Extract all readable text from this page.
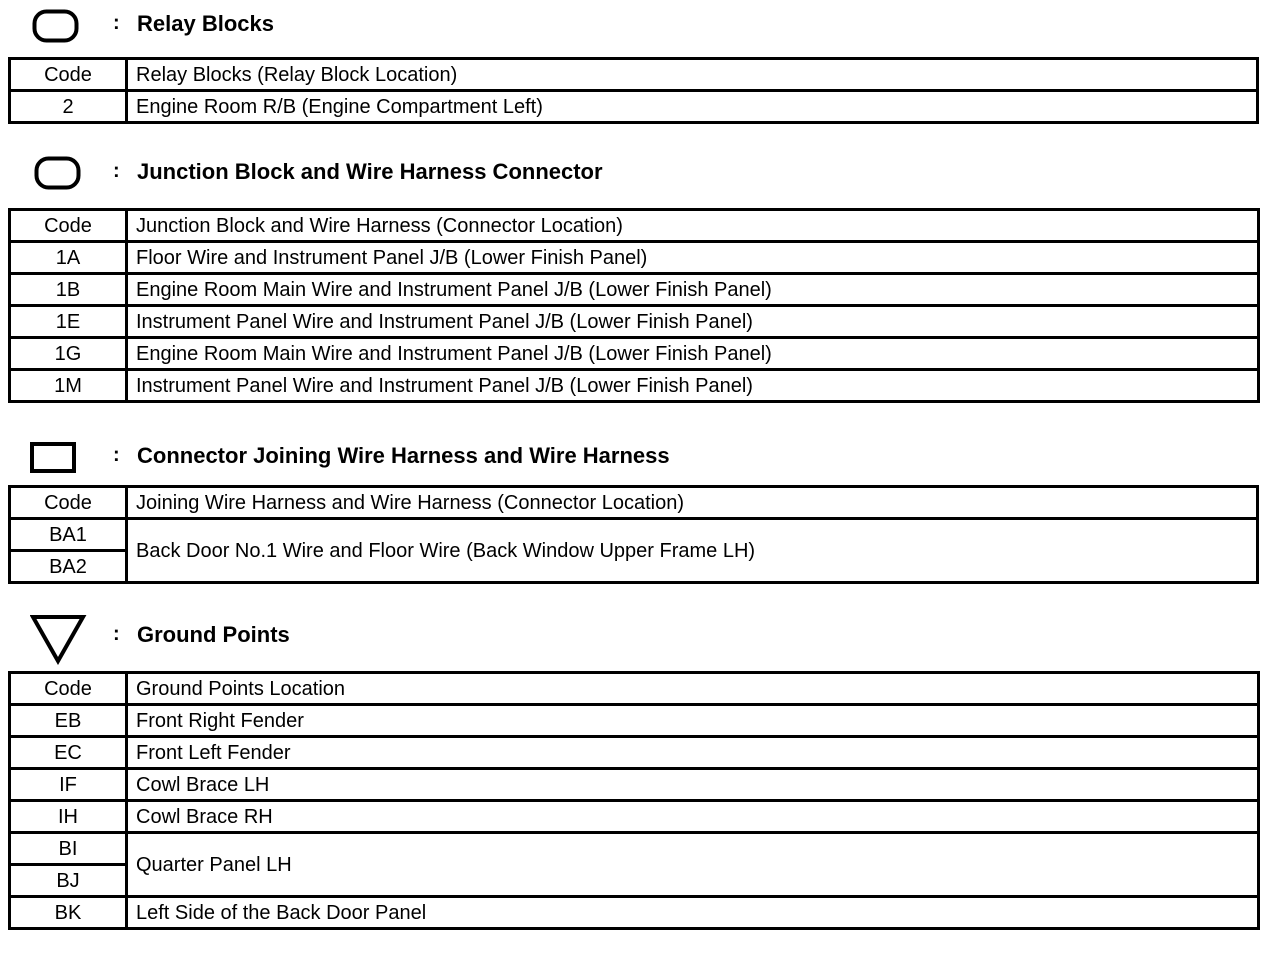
: Relay Blocks
Code	Relay Blocks (Relay Block Location)
2	Engine Room R/B (Engine Compartment Left)
: Junction Block and Wire Harness Connector
Code	Junction Block and Wire Harness (Connector Location)
1A	Floor Wire and Instrument Panel J/B (Lower Finish Panel)
1B	Engine Room Main Wire and Instrument Panel J/B (Lower Finish Panel)
1E	Instrument Panel Wire and Instrument Panel J/B (Lower Finish Panel)
1G	Engine Room Main Wire and Instrument Panel J/B (Lower Finish Panel)
1M	Instrument Panel Wire and Instrument Panel J/B (Lower Finish Panel)
: Connector Joining Wire Harness and Wire Harness
Code	Joining Wire Harness and Wire Harness (Connector Location)
BA1	Back Door No.1 Wire and Floor Wire (Back Window Upper Frame LH)
BA2	
: Ground Points
Code	Ground Points Location
EB	Front Right Fender
EC	Front Left Fender
IF	Cowl Brace LH
IH	Cowl Brace RH
BI	Quarter Panel LH
BJ	
BK	Left Side of the Back Door Panel
